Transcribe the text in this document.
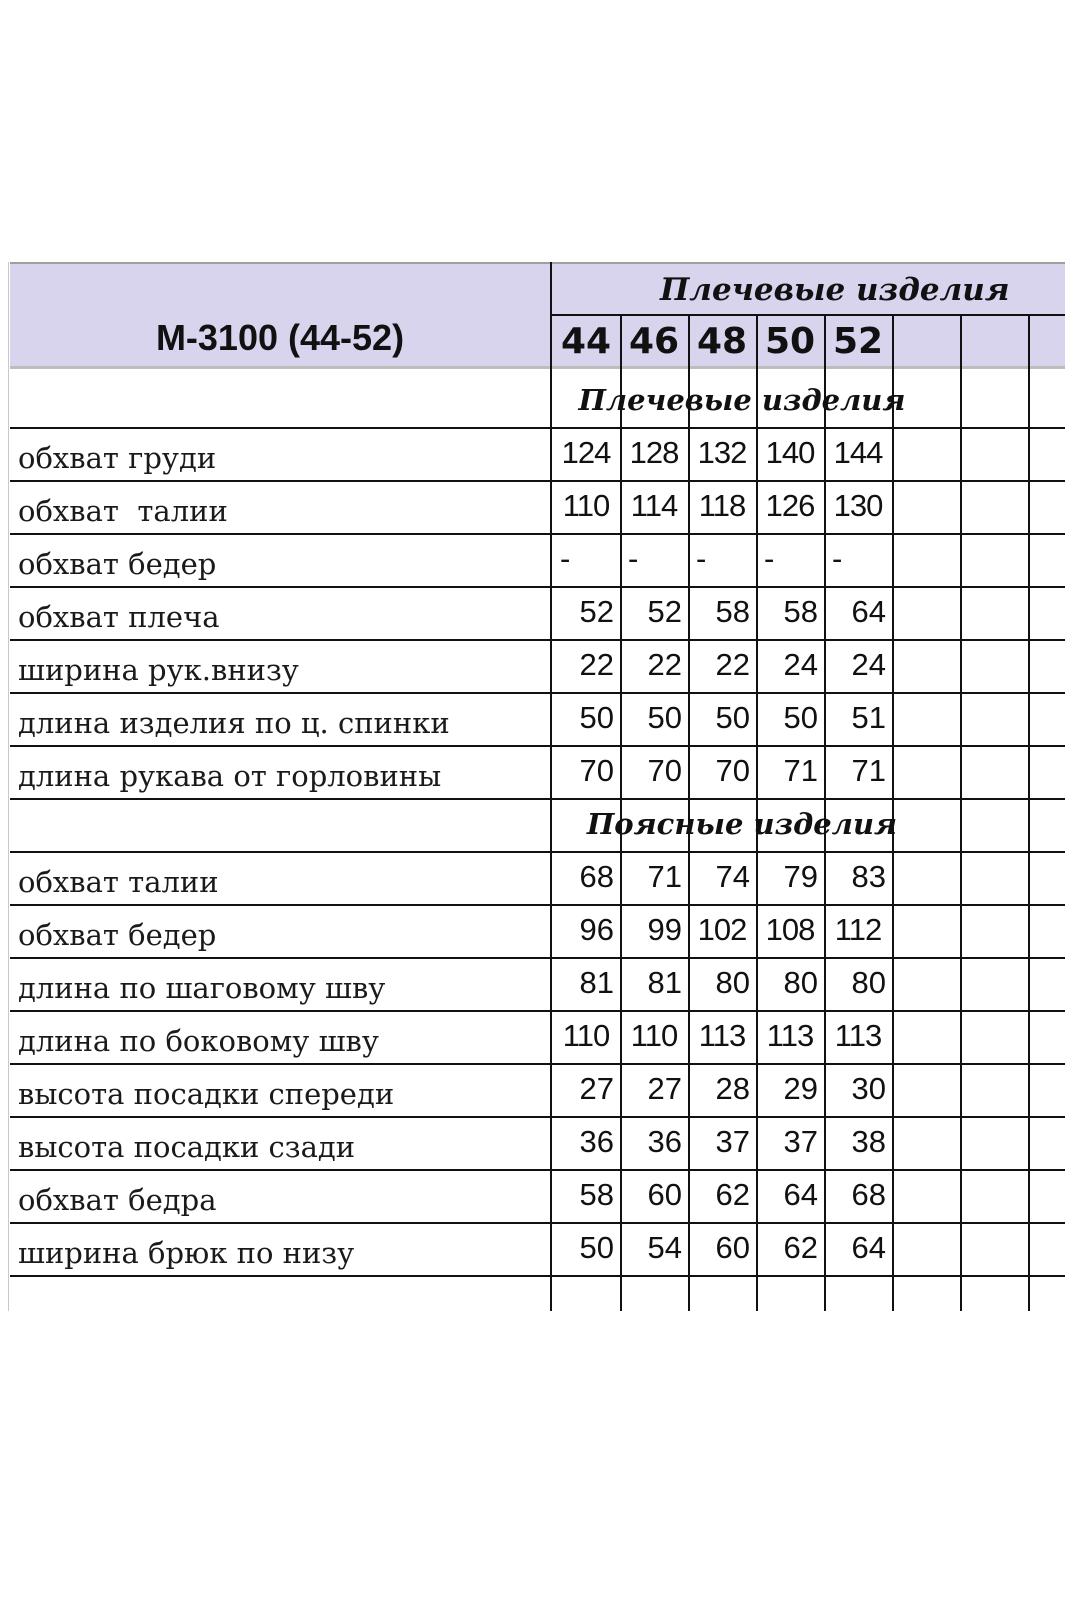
М-3100 (44-52)
Плечевые изделия
44 46 48 50 52
Плечевые изделия
обхват груди	124 128 132 140 144
обхват  талии	110 114 118 126 130
обхват бедер	-	-	-	-	-
обхват плеча	52	52	58	58	64
ширина рук.внизу	22	22	22	24	24
длина изделия по ц. спинки	50	50	50	50	51
длина рукава от горловины	70	70	70	71	71
Поясные изделия
обхват талии	68	71	74	79	83
обхват бедер	96	99 102 108 112
длина по шаговому шву	81	81	80	80	80
длина по боковому шву	110 110 113 113 113
высота посадки спереди	27	27	28	29	30
высота посадки сзади	36	36	37	37	38
обхват бедра	58	60	62	64	68
ширина брюк по низу	50	54	60	62	64
